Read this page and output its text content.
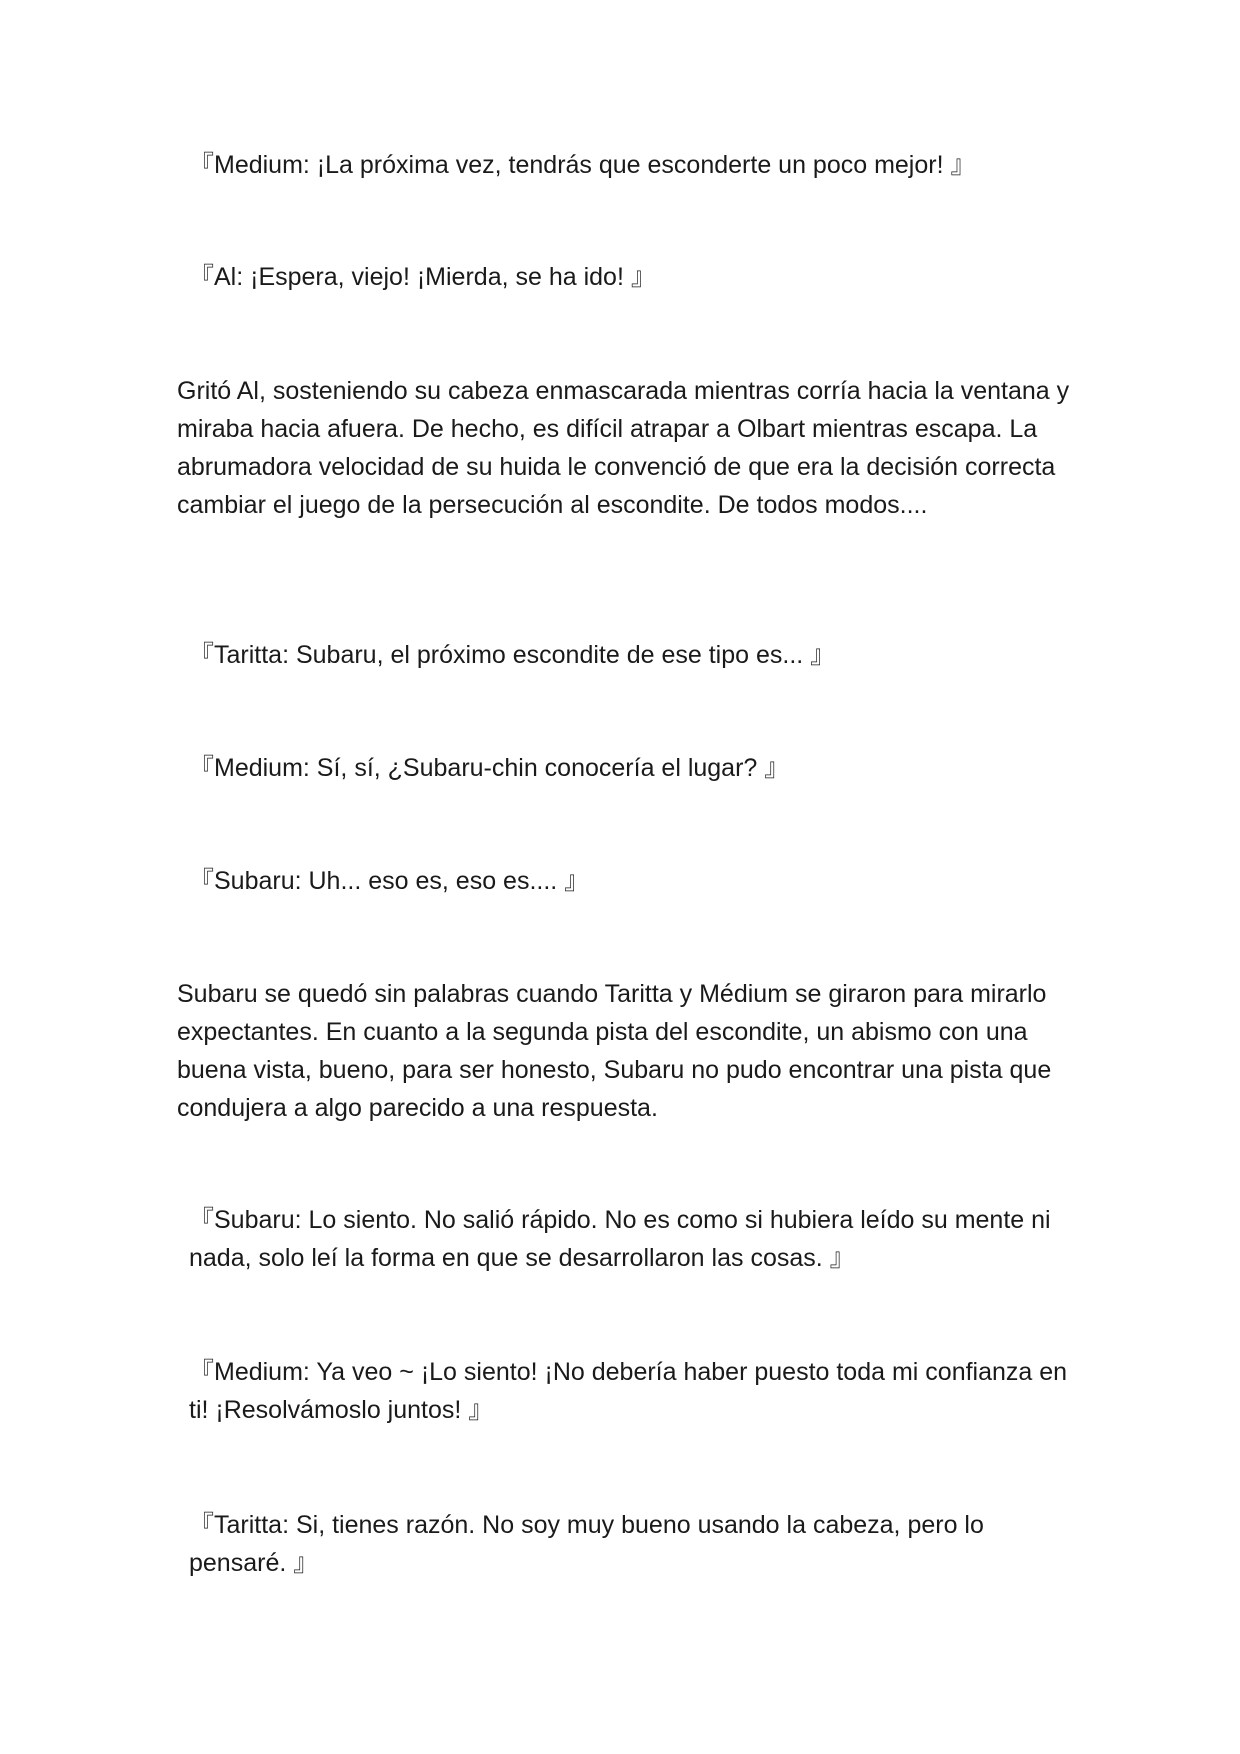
『Medium: ¡La próxima vez, tendrás que esconderte un poco mejor! 』

『Al: ¡Espera, viejo! ¡Mierda, se ha ido! 』

Gritó Al, sosteniendo su cabeza enmascarada mientras corría hacia la ventana y miraba hacia afuera. De hecho, es difícil atrapar a Olbart mientras escapa. La abrumadora velocidad de su huida le convenció de que era la decisión correcta cambiar el juego de la persecución al escondite. De todos modos....

『Taritta: Subaru, el próximo escondite de ese tipo es... 』

『Medium: Sí, sí, ¿Subaru-chin conocería el lugar? 』

『Subaru: Uh... eso es, eso es.... 』

Subaru se quedó sin palabras cuando Taritta y Médium se giraron para mirarlo expectantes. En cuanto a la segunda pista del escondite, un abismo con una buena vista, bueno, para ser honesto, Subaru no pudo encontrar una pista que condujera a algo parecido a una respuesta.

『Subaru: Lo siento. No salió rápido. No es como si hubiera leído su mente ni nada, solo leí la forma en que se desarrollaron las cosas. 』

『Medium: Ya veo ~ ¡Lo siento! ¡No debería haber puesto toda mi confianza en ti! ¡Resolvámoslo juntos! 』

『Taritta: Si, tienes razón. No soy muy bueno usando la cabeza, pero lo pensaré. 』
